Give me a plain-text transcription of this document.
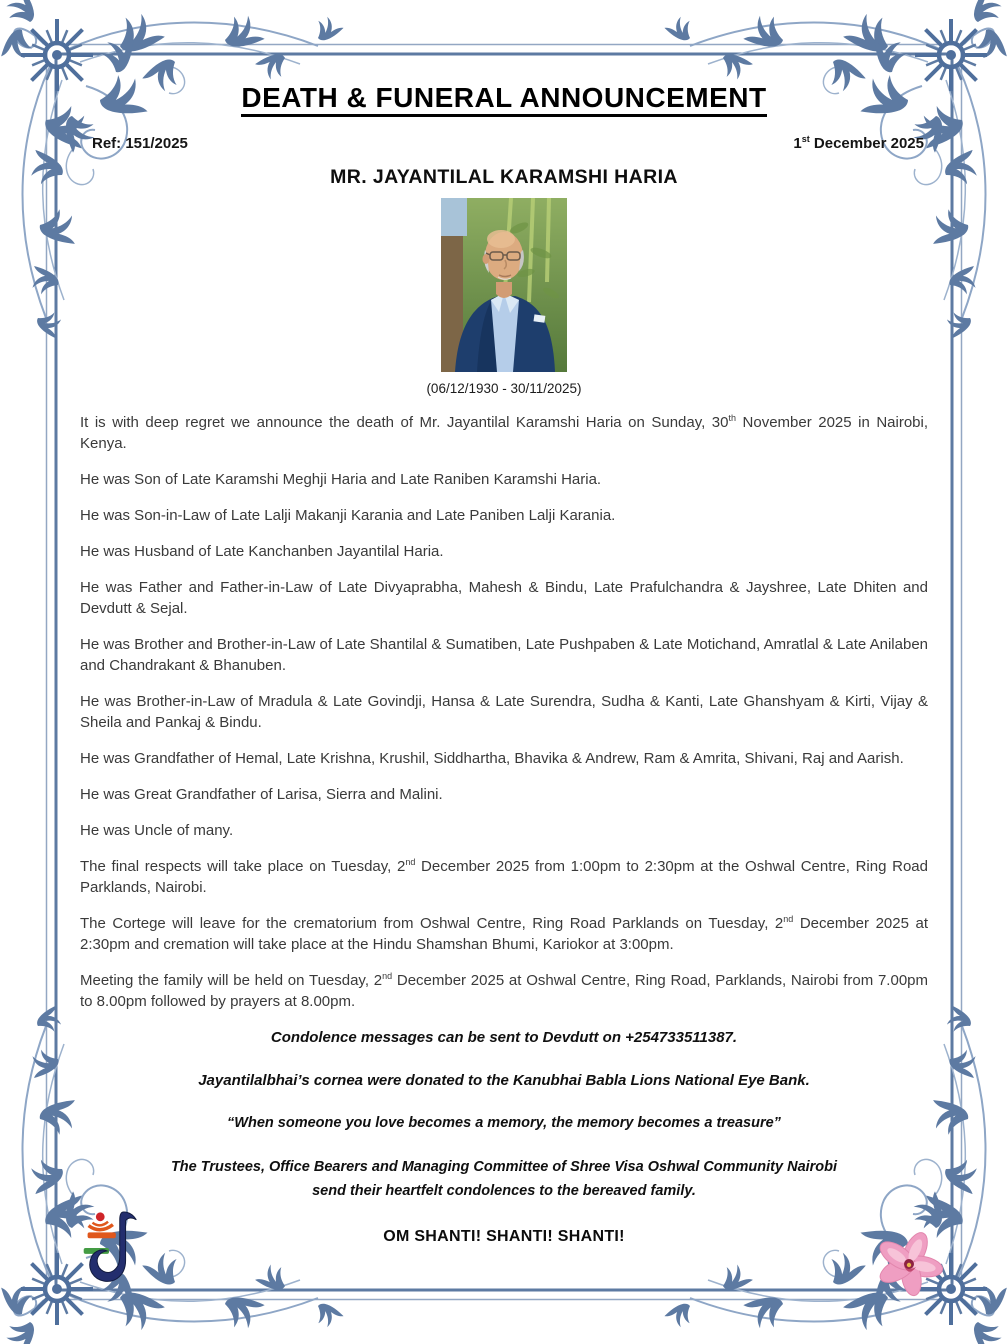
DEATH & FUNERAL ANNOUNCEMENT
Ref: 151/2025	1st December 2025
MR. JAYANTILAL KARAMSHI HARIA
(06/12/1930 - 30/11/2025)

It is with deep regret we announce the death of Mr. Jayantilal Karamshi Haria on Sunday, 30th November 2025 in Nairobi, Kenya.

He was Son of Late Karamshi Meghji Haria and Late Raniben Karamshi Haria.

He was Son-in-Law of Late Lalji Makanji Karania and Late Paniben Lalji Karania.

He was Husband of Late Kanchanben Jayantilal Haria.

He was Father and Father-in-Law of Late Divyaprabha, Mahesh & Bindu, Late Prafulchandra & Jayshree, Late Dhiten and Devdutt & Sejal.

He was Brother and Brother-in-Law of Late Shantilal & Sumatiben, Late Pushpaben & Late Motichand, Amratlal & Late Anilaben and Chandrakant & Bhanuben.

He was Brother-in-Law of Mradula & Late Govindji, Hansa & Late Surendra, Sudha & Kanti, Late Ghanshyam & Kirti, Vijay & Sheila and Pankaj & Bindu.

He was Grandfather of Hemal, Late Krishna, Krushil, Siddhartha, Bhavika & Andrew, Ram & Amrita, Shivani, Raj and Aarish.

He was Great Grandfather of Larisa, Sierra and Malini.

He was Uncle of many.

The final respects will take place on Tuesday, 2nd December 2025 from 1:00pm to 2:30pm at the Oshwal Centre, Ring Road Parklands, Nairobi.

The Cortege will leave for the crematorium from Oshwal Centre, Ring Road Parklands on Tuesday, 2nd December 2025 at 2:30pm and cremation will take place at the Hindu Shamshan Bhumi, Kariokor at 3:00pm.

Meeting the family will be held on Tuesday, 2nd December 2025 at Oshwal Centre, Ring Road, Parklands, Nairobi from 7.00pm to 8.00pm followed by prayers at 8.00pm.

Condolence messages can be sent to Devdutt on +254733511387.

Jayantilalbhai’s cornea were donated to the Kanubhai Babla Lions National Eye Bank.

“When someone you love becomes a memory, the memory becomes a treasure”

The Trustees, Office Bearers and Managing Committee of Shree Visa Oshwal Community Nairobi
send their heartfelt condolences to the bereaved family.

OM SHANTI! SHANTI! SHANTI!
